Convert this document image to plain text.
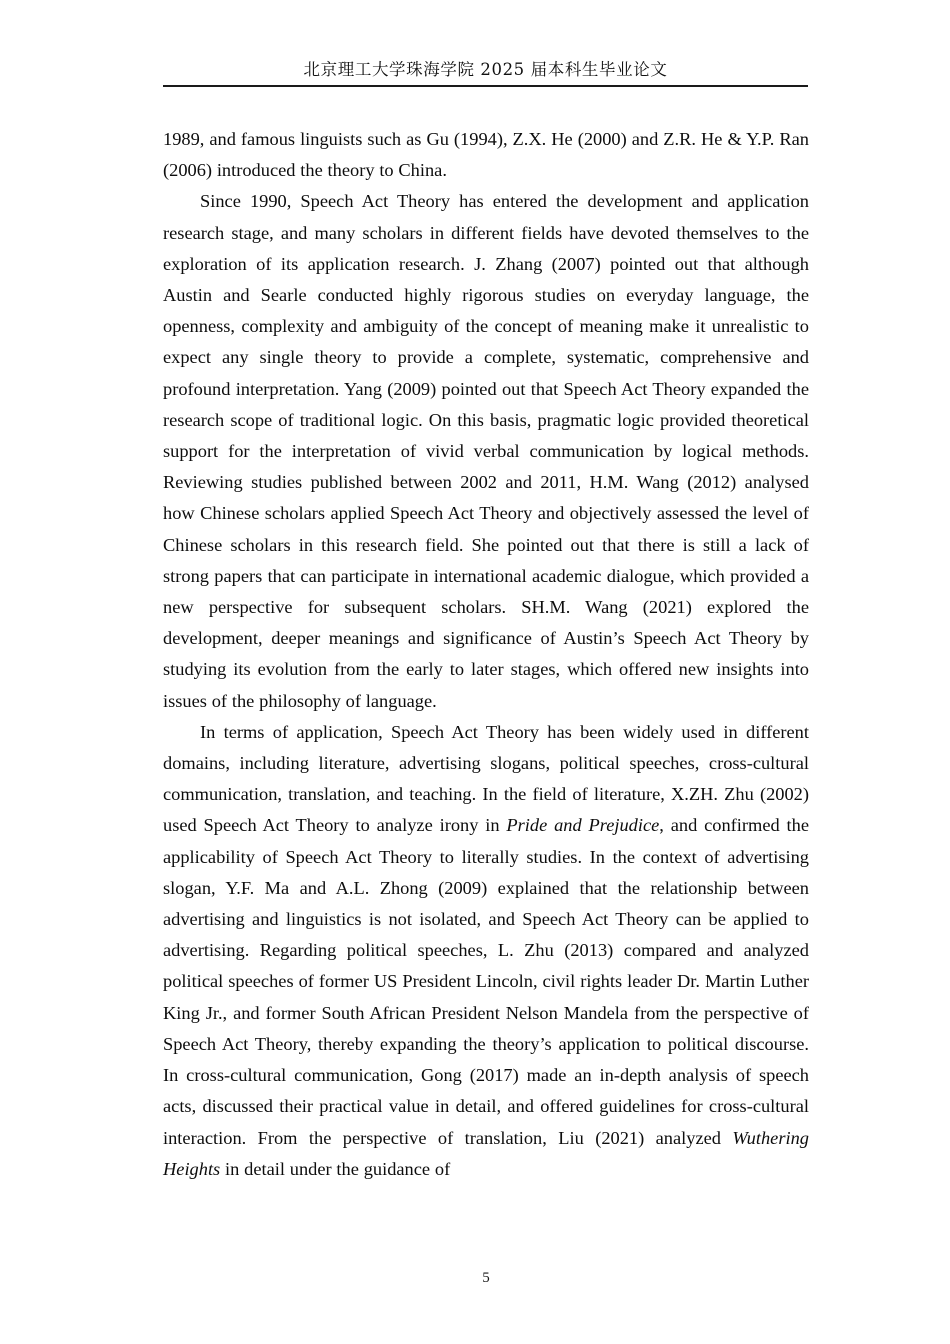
北京理工大学珠海学院 2025 届本科生毕业论文

1989, and famous linguists such as Gu (1994), Z.X. He (2000) and Z.R. He & Y.P. Ran (2006) introduced the theory to China.

Since 1990, Speech Act Theory has entered the development and application research stage, and many scholars in different fields have devoted themselves to the exploration of its application research. J. Zhang (2007) pointed out that although Austin and Searle conducted highly rigorous studies on everyday language, the openness, complexity and ambiguity of the concept of meaning make it unrealistic to expect any single theory to provide a complete, systematic, comprehensive and profound interpretation. Yang (2009) pointed out that Speech Act Theory expanded the research scope of traditional logic. On this basis, pragmatic logic provided theoretical support for the interpretation of vivid verbal communication by logical methods. Reviewing studies published between 2002 and 2011, H.M. Wang (2012) analysed how Chinese scholars applied Speech Act Theory and objectively assessed the level of Chinese scholars in this research field. She pointed out that there is still a lack of strong papers that can participate in international academic dialogue, which provided a new perspective for subsequent scholars. SH.M. Wang (2021) explored the development, deeper meanings and significance of Austin’s Speech Act Theory by studying its evolution from the early to later stages, which offered new insights into issues of the philosophy of language.

In terms of application, Speech Act Theory has been widely used in different domains, including literature, advertising slogans, political speeches, cross-cultural communication, translation, and teaching. In the field of literature, X.ZH. Zhu (2002) used Speech Act Theory to analyze irony in Pride and Prejudice, and confirmed the applicability of Speech Act Theory to literally studies. In the context of advertising slogan, Y.F. Ma and A.L. Zhong (2009) explained that the relationship between advertising and linguistics is not isolated, and Speech Act Theory can be applied to advertising. Regarding political speeches, L. Zhu (2013) compared and analyzed political speeches of former US President Lincoln, civil rights leader Dr. Martin Luther King Jr., and former South African President Nelson Mandela from the perspective of Speech Act Theory, thereby expanding the theory’s application to political discourse. In cross-cultural communication, Gong (2017) made an in-depth analysis of speech acts, discussed their practical value in detail, and offered guidelines for cross-cultural interaction. From the perspective of translation, Liu (2021) analyzed Wuthering Heights in detail under the guidance of

5
